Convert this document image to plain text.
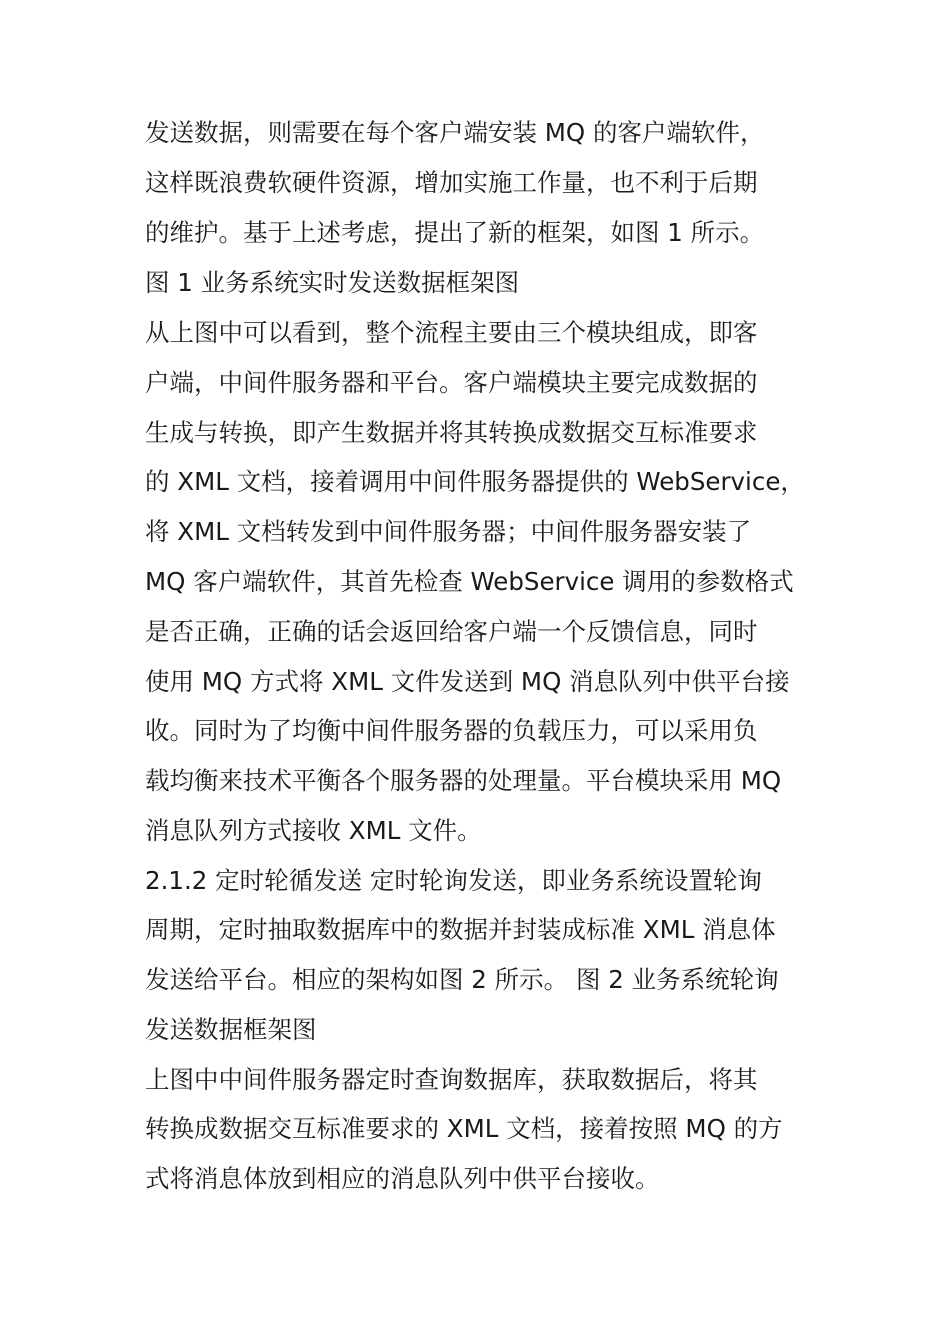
发送数据，则需要在每个客户端安装 MQ 的客户端软件，
这样既浪费软硬件资源，增加实施工作量，也不利于后期
的维护。基于上述考虑，提出了新的框架，如图 1 所示。
图 1 业务系统实时发送数据框架图
从上图中可以看到，整个流程主要由三个模块组成，即客
户端，中间件服务器和平台。客户端模块主要完成数据的
生成与转换，即产生数据并将其转换成数据交互标准要求
的 XML 文档，接着调用中间件服务器提供的 WebService，
将 XML 文档转发到中间件服务器；中间件服务器安装了
MQ 客户端软件，其首先检查 WebService 调用的参数格式
是否正确，正确的话会返回给客户端一个反馈信息，同时
使用 MQ 方式将 XML 文件发送到 MQ 消息队列中供平台接
收。同时为了均衡中间件服务器的负载压力，可以采用负
载均衡来技术平衡各个服务器的处理量。平台模块采用 MQ
消息队列方式接收 XML 文件。
2.1.2 定时轮循发送 定时轮询发送，即业务系统设置轮询
周期，定时抽取数据库中的数据并封装成标准 XML 消息体
发送给平台。相应的架构如图 2 所示。 图 2 业务系统轮询
发送数据框架图
上图中中间件服务器定时查询数据库，获取数据后，将其
转换成数据交互标准要求的 XML 文档，接着按照 MQ 的方
式将消息体放到相应的消息队列中供平台接收。
